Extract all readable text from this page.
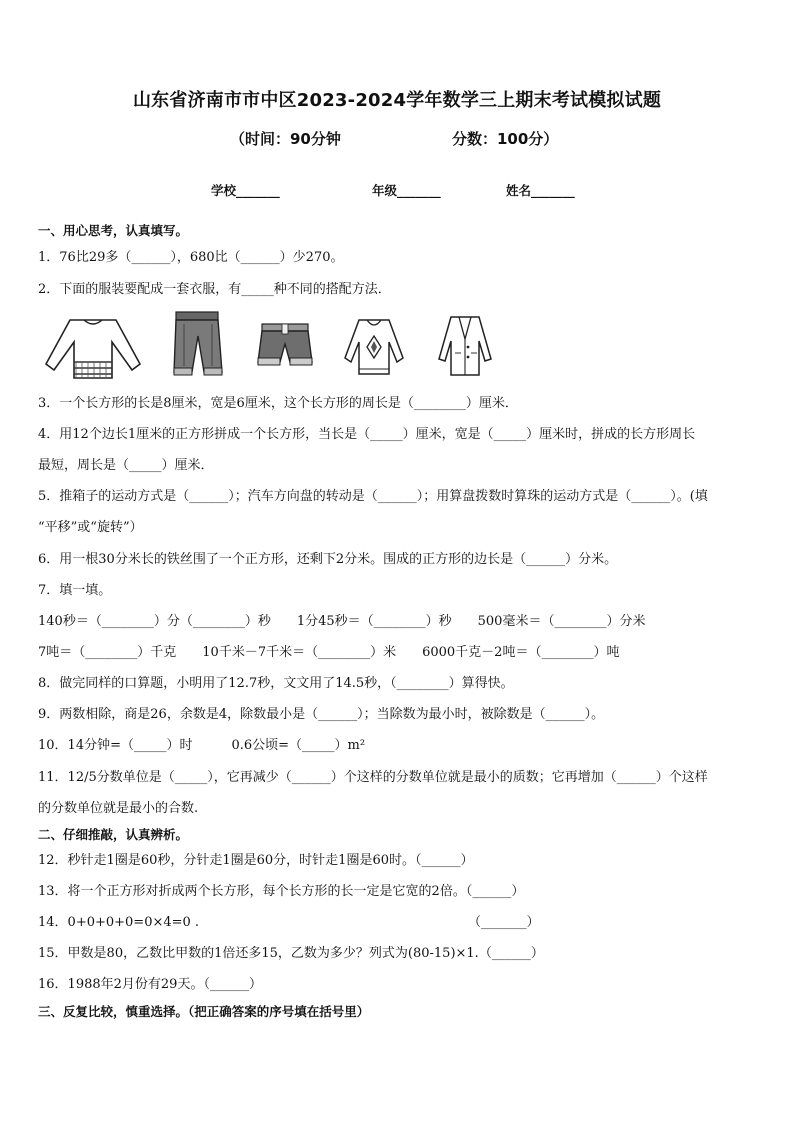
山东省济南市市中区2023-2024学年数学三上期末考试模拟试题
（时间：90分钟	分数：100分）
学校_______	年级_______	姓名_______
一、用心思考，认真填写。
1．76比29多（______），680比（______）少270。
2．下面的服装要配成一套衣服，有_____种不同的搭配方法．
3．一个长方形的长是8厘米，宽是6厘米，这个长方形的周长是（________）厘米．
4．用12个边长1厘米的正方形拼成一个长方形，当长是（_____）厘米，宽是（_____）厘米时，拼成的长方形周长
最短，周长是（_____）厘米．
5．推箱子的运动方式是（______）；汽车方向盘的转动是（______）；用算盘拨数时算珠的运动方式是（______）。(填
“平移”或“旋转”）
6．用一根30分米长的铁丝围了一个正方形，还剩下2分米。围成的正方形的边长是（______）分米。
7．填一填。
140秒＝（________）分（________）秒　　1分45秒＝（________）秒　　500毫米＝（________）分米
7吨＝（________）千克　　10千米－7千米＝（________）米　　6000千克－2吨＝（________）吨
8．做完同样的口算题，小明用了12.7秒，文文用了14.5秒，（________）算得快。
9．两数相除，商是26，余数是4，除数最小是（______）；当除数为最小时，被除数是（______）。
10．14分钟=（_____）时　　　0.6公顷=（_____）m²
11．12/5分数单位是（_____），它再减少（______）个这样的分数单位就是最小的质数；它再增加（______）个这样
的分数单位就是最小的合数.
二、仔细推敲，认真辨析。
12．秒针走1圈是60秒，分针走1圈是60分，时针走1圈是60时。（______）
13．将一个正方形对折成两个长方形，每个长方形的长一定是它宽的2倍。（______）
14．0+0+0+0=0×4=0 .	（_______）
15．甲数是80，乙数比甲数的1倍还多15，乙数为多少？列式为(80-15)×1.（______）
16．1988年2月份有29天。（______）
三、反复比较，慎重选择。（把正确答案的序号填在括号里）
